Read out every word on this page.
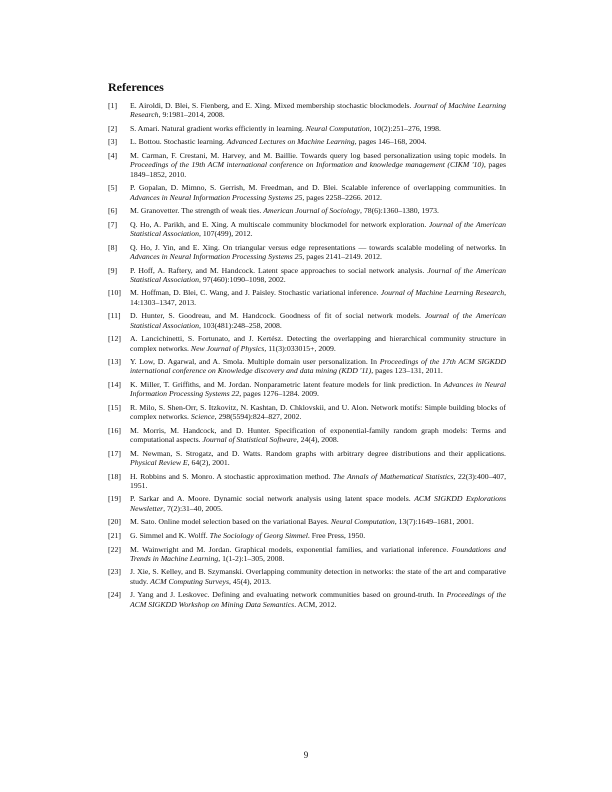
References
[1] E. Airoldi, D. Blei, S. Fienberg, and E. Xing. Mixed membership stochastic blockmodels. Journal of Machine Learning Research, 9:1981–2014, 2008.
[2] S. Amari. Natural gradient works efficiently in learning. Neural Computation, 10(2):251–276, 1998.
[3] L. Bottou. Stochastic learning. Advanced Lectures on Machine Learning, pages 146–168, 2004.
[4] M. Carman, F. Crestani, M. Harvey, and M. Baillie. Towards query log based personalization using topic models. In Proceedings of the 19th ACM international conference on Information and knowledge management (CIKM '10), pages 1849–1852, 2010.
[5] P. Gopalan, D. Mimno, S. Gerrish, M. Freedman, and D. Blei. Scalable inference of overlapping communities. In Advances in Neural Information Processing Systems 25, pages 2258–2266. 2012.
[6] M. Granovetter. The strength of weak ties. American Journal of Sociology, 78(6):1360–1380, 1973.
[7] Q. Ho, A. Parikh, and E. Xing. A multiscale community blockmodel for network exploration. Journal of the American Statistical Association, 107(499), 2012.
[8] Q. Ho, J. Yin, and E. Xing. On triangular versus edge representations — towards scalable modeling of networks. In Advances in Neural Information Processing Systems 25, pages 2141–2149. 2012.
[9] P. Hoff, A. Raftery, and M. Handcock. Latent space approaches to social network analysis. Journal of the American Statistical Association, 97(460):1090–1098, 2002.
[10] M. Hoffman, D. Blei, C. Wang, and J. Paisley. Stochastic variational inference. Journal of Machine Learning Research, 14:1303–1347, 2013.
[11] D. Hunter, S. Goodreau, and M. Handcock. Goodness of fit of social network models. Journal of the American Statistical Association, 103(481):248–258, 2008.
[12] A. Lancichinetti, S. Fortunato, and J. Kertész. Detecting the overlapping and hierarchical community structure in complex networks. New Journal of Physics, 11(3):033015+, 2009.
[13] Y. Low, D. Agarwal, and A. Smola. Multiple domain user personalization. In Proceedings of the 17th ACM SIGKDD international conference on Knowledge discovery and data mining (KDD '11), pages 123–131, 2011.
[14] K. Miller, T. Griffiths, and M. Jordan. Nonparametric latent feature models for link prediction. In Advances in Neural Information Processing Systems 22, pages 1276–1284. 2009.
[15] R. Milo, S. Shen-Orr, S. Itzkovitz, N. Kashtan, D. Chklovskii, and U. Alon. Network motifs: Simple building blocks of complex networks. Science, 298(5594):824–827, 2002.
[16] M. Morris, M. Handcock, and D. Hunter. Specification of exponential-family random graph models: Terms and computational aspects. Journal of Statistical Software, 24(4), 2008.
[17] M. Newman, S. Strogatz, and D. Watts. Random graphs with arbitrary degree distributions and their applications. Physical Review E, 64(2), 2001.
[18] H. Robbins and S. Monro. A stochastic approximation method. The Annals of Mathematical Statistics, 22(3):400–407, 1951.
[19] P. Sarkar and A. Moore. Dynamic social network analysis using latent space models. ACM SIGKDD Explorations Newsletter, 7(2):31–40, 2005.
[20] M. Sato. Online model selection based on the variational Bayes. Neural Computation, 13(7):1649–1681, 2001.
[21] G. Simmel and K. Wolff. The Sociology of Georg Simmel. Free Press, 1950.
[22] M. Wainwright and M. Jordan. Graphical models, exponential families, and variational inference. Foundations and Trends in Machine Learning, 1(1-2):1–305, 2008.
[23] J. Xie, S. Kelley, and B. Szymanski. Overlapping community detection in networks: the state of the art and comparative study. ACM Computing Surveys, 45(4), 2013.
[24] J. Yang and J. Leskovec. Defining and evaluating network communities based on ground-truth. In Proceedings of the ACM SIGKDD Workshop on Mining Data Semantics. ACM, 2012.
9
